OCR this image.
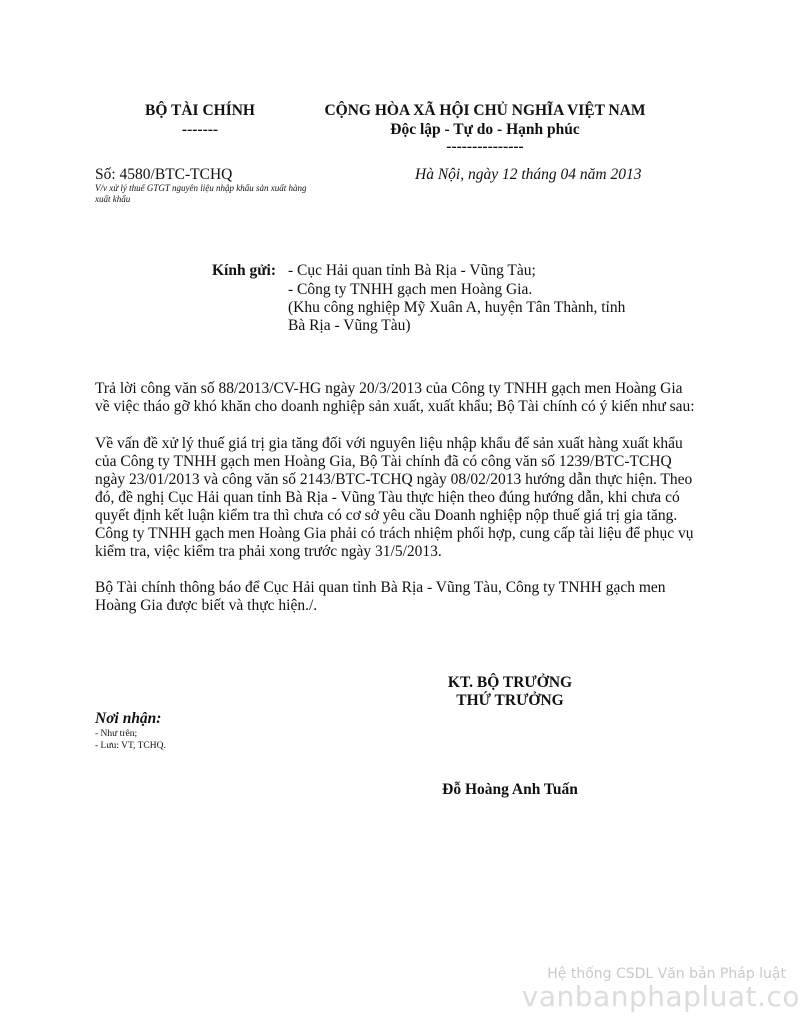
BỘ TÀI CHÍNH
-------
CỘNG HÒA XÃ HỘI CHỦ NGHĨA VIỆT NAM
Độc lập - Tự do - Hạnh phúc
---------------
Số: 4580/BTC-TCHQ
V/v xử lý thuế GTGT nguyên liệu nhập khẩu sản xuất hàng xuất khẩu
Hà Nội, ngày 12 tháng 04 năm 2013
Kính gửi: - Cục Hải quan tỉnh Bà Rịa - Vũng Tàu;
- Công ty TNHH gạch men Hoàng Gia.
(Khu công nghiệp Mỹ Xuân A, huyện Tân Thành, tỉnh
Bà Rịa - Vũng Tàu)
Trả lời công văn số 88/2013/CV-HG ngày 20/3/2013 của Công ty TNHH gạch men Hoàng Gia
về việc tháo gỡ khó khăn cho doanh nghiệp sản xuất, xuất khẩu; Bộ Tài chính có ý kiến như sau:
Về vấn đề xử lý thuế giá trị gia tăng đối với nguyên liệu nhập khẩu để sản xuất hàng xuất khẩu
của Công ty TNHH gạch men Hoàng Gia, Bộ Tài chính đã có công văn số 1239/BTC-TCHQ
ngày 23/01/2013 và công văn số 2143/BTC-TCHQ ngày 08/02/2013 hướng dẫn thực hiện. Theo
đó, đề nghị Cục Hải quan tỉnh Bà Rịa - Vũng Tàu thực hiện theo đúng hướng dẫn, khi chưa có
quyết định kết luận kiểm tra thì chưa có cơ sở yêu cầu Doanh nghiệp nộp thuế giá trị gia tăng.
Công ty TNHH gạch men Hoàng Gia phải có trách nhiệm phối hợp, cung cấp tài liệu để phục vụ
kiểm tra, việc kiểm tra phải xong trước ngày 31/5/2013.
Bộ Tài chính thông báo để Cục Hải quan tỉnh Bà Rịa - Vũng Tàu, Công ty TNHH gạch men
Hoàng Gia được biết và thực hiện./.
KT. BỘ TRƯỞNG
THỨ TRƯỞNG
Đỗ Hoàng Anh Tuấn
Nơi nhận:
- Như trên;
- Lưu: VT, TCHQ.
Hệ thống CSDL Văn bản Pháp luật
vanbanphapluat.co
